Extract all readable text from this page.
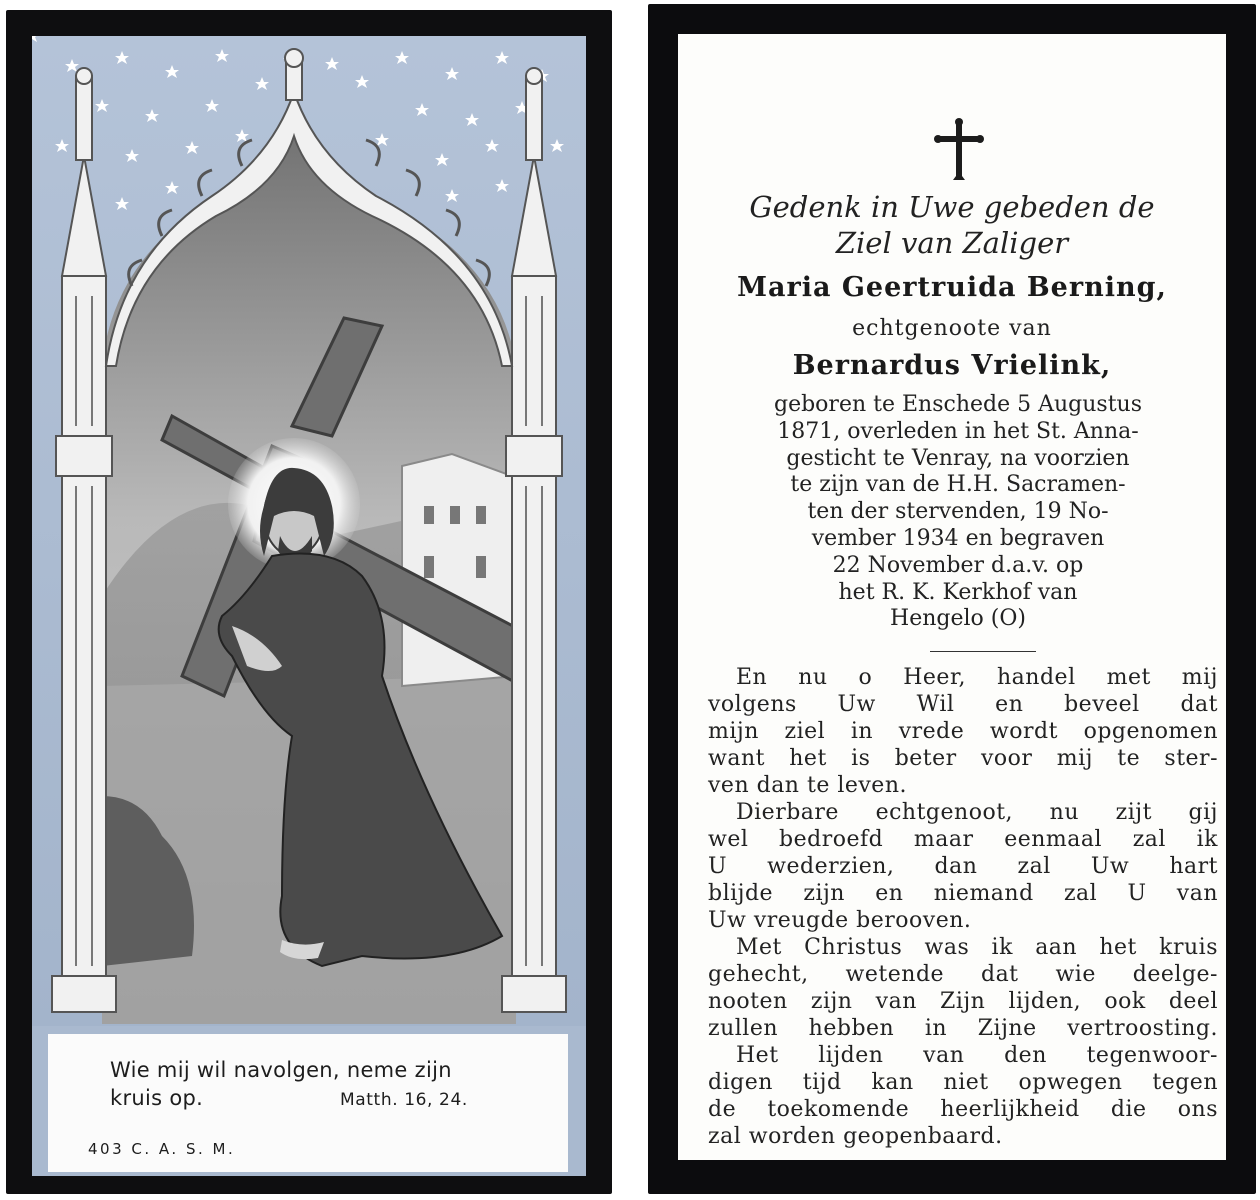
Wie mij wil navolgen, neme zijn
kruis op.	Matth. 16, 24.
403 C. A. S. M.
Gedenk in Uwe gebeden de
Ziel van Zaliger
Maria Geertruida Berning,
echtgenoote van
Bernardus Vrielink,
geboren te Enschede 5 Augustus
1871, overleden in het St. Anna-
gesticht te Venray, na voorzien
te zijn van de H.H. Sacramen-
ten der stervenden, 19 No-
vember 1934 en begraven
22 November d.a.v. op
het R. K. Kerkhof van
Hengelo (O)
En nu o Heer, handel met mij
volgens Uw Wil en beveel dat
mijn ziel in vrede wordt opgenomen
want het is beter voor mij te ster-
ven dan te leven.
Dierbare echtgenoot, nu zijt gij
wel bedroefd maar eenmaal zal ik
U wederzien, dan zal Uw hart
blijde zijn en niemand zal U van
Uw vreugde berooven.
Met Christus was ik aan het kruis
gehecht, wetende dat wie deelge-
nooten zijn van Zijn lijden, ook deel
zullen hebben in Zijne vertroosting.
Het lijden van den tegenwoor-
digen tijd kan niet opwegen tegen
de toekomende heerlijkheid die ons
zal worden geopenbaard.
